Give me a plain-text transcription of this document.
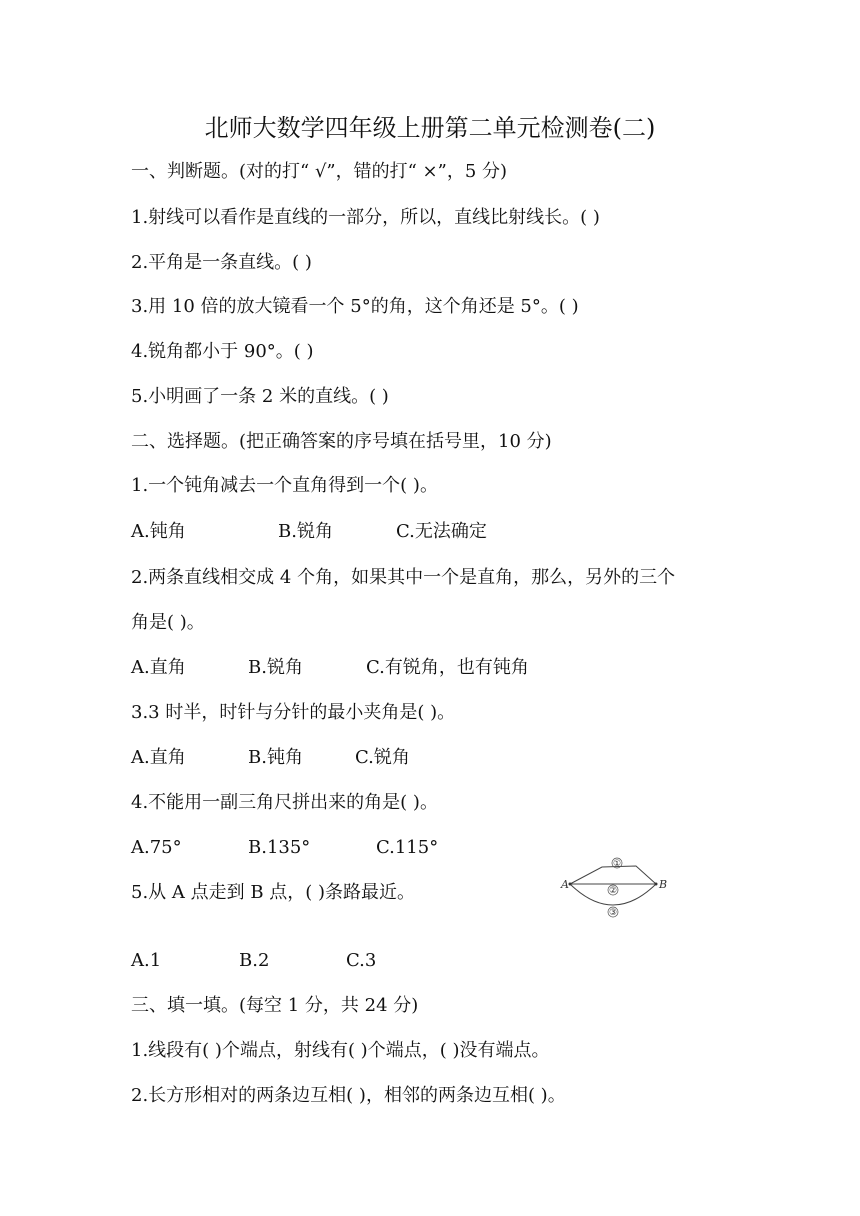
北师大数学四年级上册第二单元检测卷(二)
一、判断题。(对的打“ √”，错的打“ ×”，5 分)
1.射线可以看作是直线的一部分，所以，直线比射线长。( )
2.平角是一条直线。( )
3.用 10 倍的放大镜看一个 5°的角，这个角还是 5°。( )
4.锐角都小于 90°。( )
5.小明画了一条 2 米的直线。( )
二、选择题。(把正确答案的序号填在括号里，10 分)
1.一个钝角减去一个直角得到一个( )。
A.钝角	B.锐角	C.无法确定
2.两条直线相交成 4 个角，如果其中一个是直角，那么，另外的三个
角是( )。
A.直角	B.锐角	C.有锐角，也有钝角
3.3 时半，时针与分针的最小夹角是( )。
A.直角	B.钝角	C.锐角
4.不能用一副三角尺拼出来的角是( )。
A.75°	B.135°	C.115°
5.从 A 点走到 B 点，( )条路最近。	A	B
①
②
③
A.1	B.2	C.3
三、填一填。(每空 1 分，共 24 分)
1.线段有( )个端点，射线有( )个端点，( )没有端点。
2.长方形相对的两条边互相( )，相邻的两条边互相( )。
